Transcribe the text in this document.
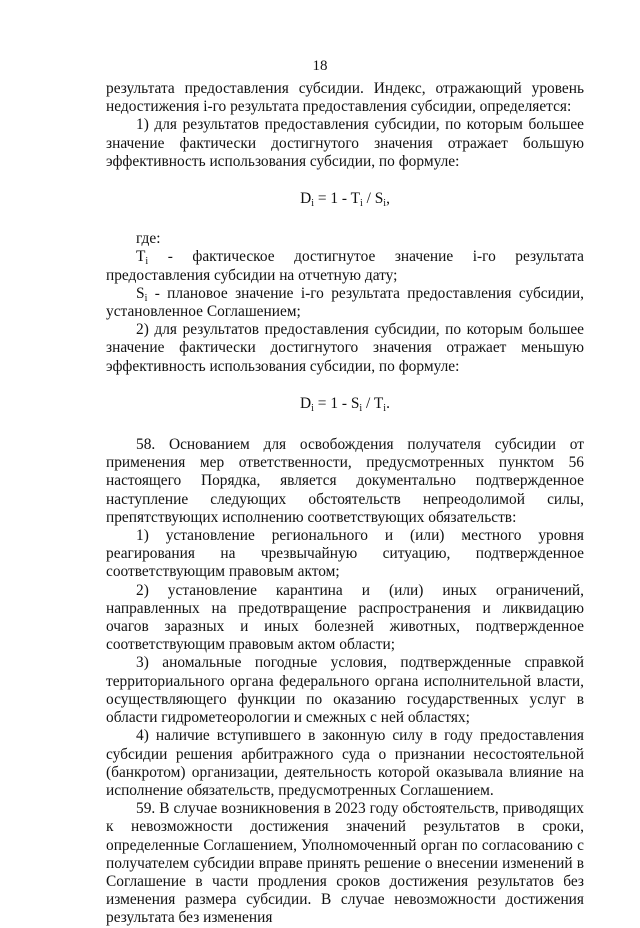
18

результата предоставления субсидии. Индекс, отражающий уровень недостижения i-го результата предоставления субсидии, определяется:

1) для результатов предоставления субсидии, по которым большее значение фактически достигнутого значения отражает большую эффективность использования субсидии, по формуле:

$D_i = 1 - T_i / S_i$,

где:

$T_i$ - фактическое достигнутое значение i-го результата предоставления субсидии на отчетную дату;

$S_i$ - плановое значение i-го результата предоставления субсидии, установленное Соглашением;

2) для результатов предоставления субсидии, по которым большее значение фактически достигнутого значения отражает меньшую эффективность использования субсидии, по формуле:

$D_i = 1 - S_i / T_i$.

58. Основанием для освобождения получателя субсидии от применения мер ответственности, предусмотренных пунктом 56 настоящего Порядка, является документально подтвержденное наступление следующих обстоятельств непреодолимой силы, препятствующих исполнению соответствующих обязательств:

1) установление регионального и (или) местного уровня реагирования на чрезвычайную ситуацию, подтвержденное соответствующим правовым актом;

2) установление карантина и (или) иных ограничений, направленных на предотвращение распространения и ликвидацию очагов заразных и иных болезней животных, подтвержденное соответствующим правовым актом области;

3) аномальные погодные условия, подтвержденные справкой территориального органа федерального органа исполнительной власти, осуществляющего функции по оказанию государственных услуг в области гидрометеорологии и смежных с ней областях;

4) наличие вступившего в законную силу в году предоставления субсидии решения арбитражного суда о признании несостоятельной (банкротом) организации, деятельность которой оказывала влияние на исполнение обязательств, предусмотренных Соглашением.

59. В случае возникновения в 2023 году обстоятельств, приводящих к невозможности достижения значений результатов в сроки, определенные Соглашением, Уполномоченный орган по согласованию с получателем субсидии вправе принять решение о внесении изменений в Соглашение в части продления сроков достижения результатов без изменения размера субсидии. В случае невозможности достижения результата без изменения
